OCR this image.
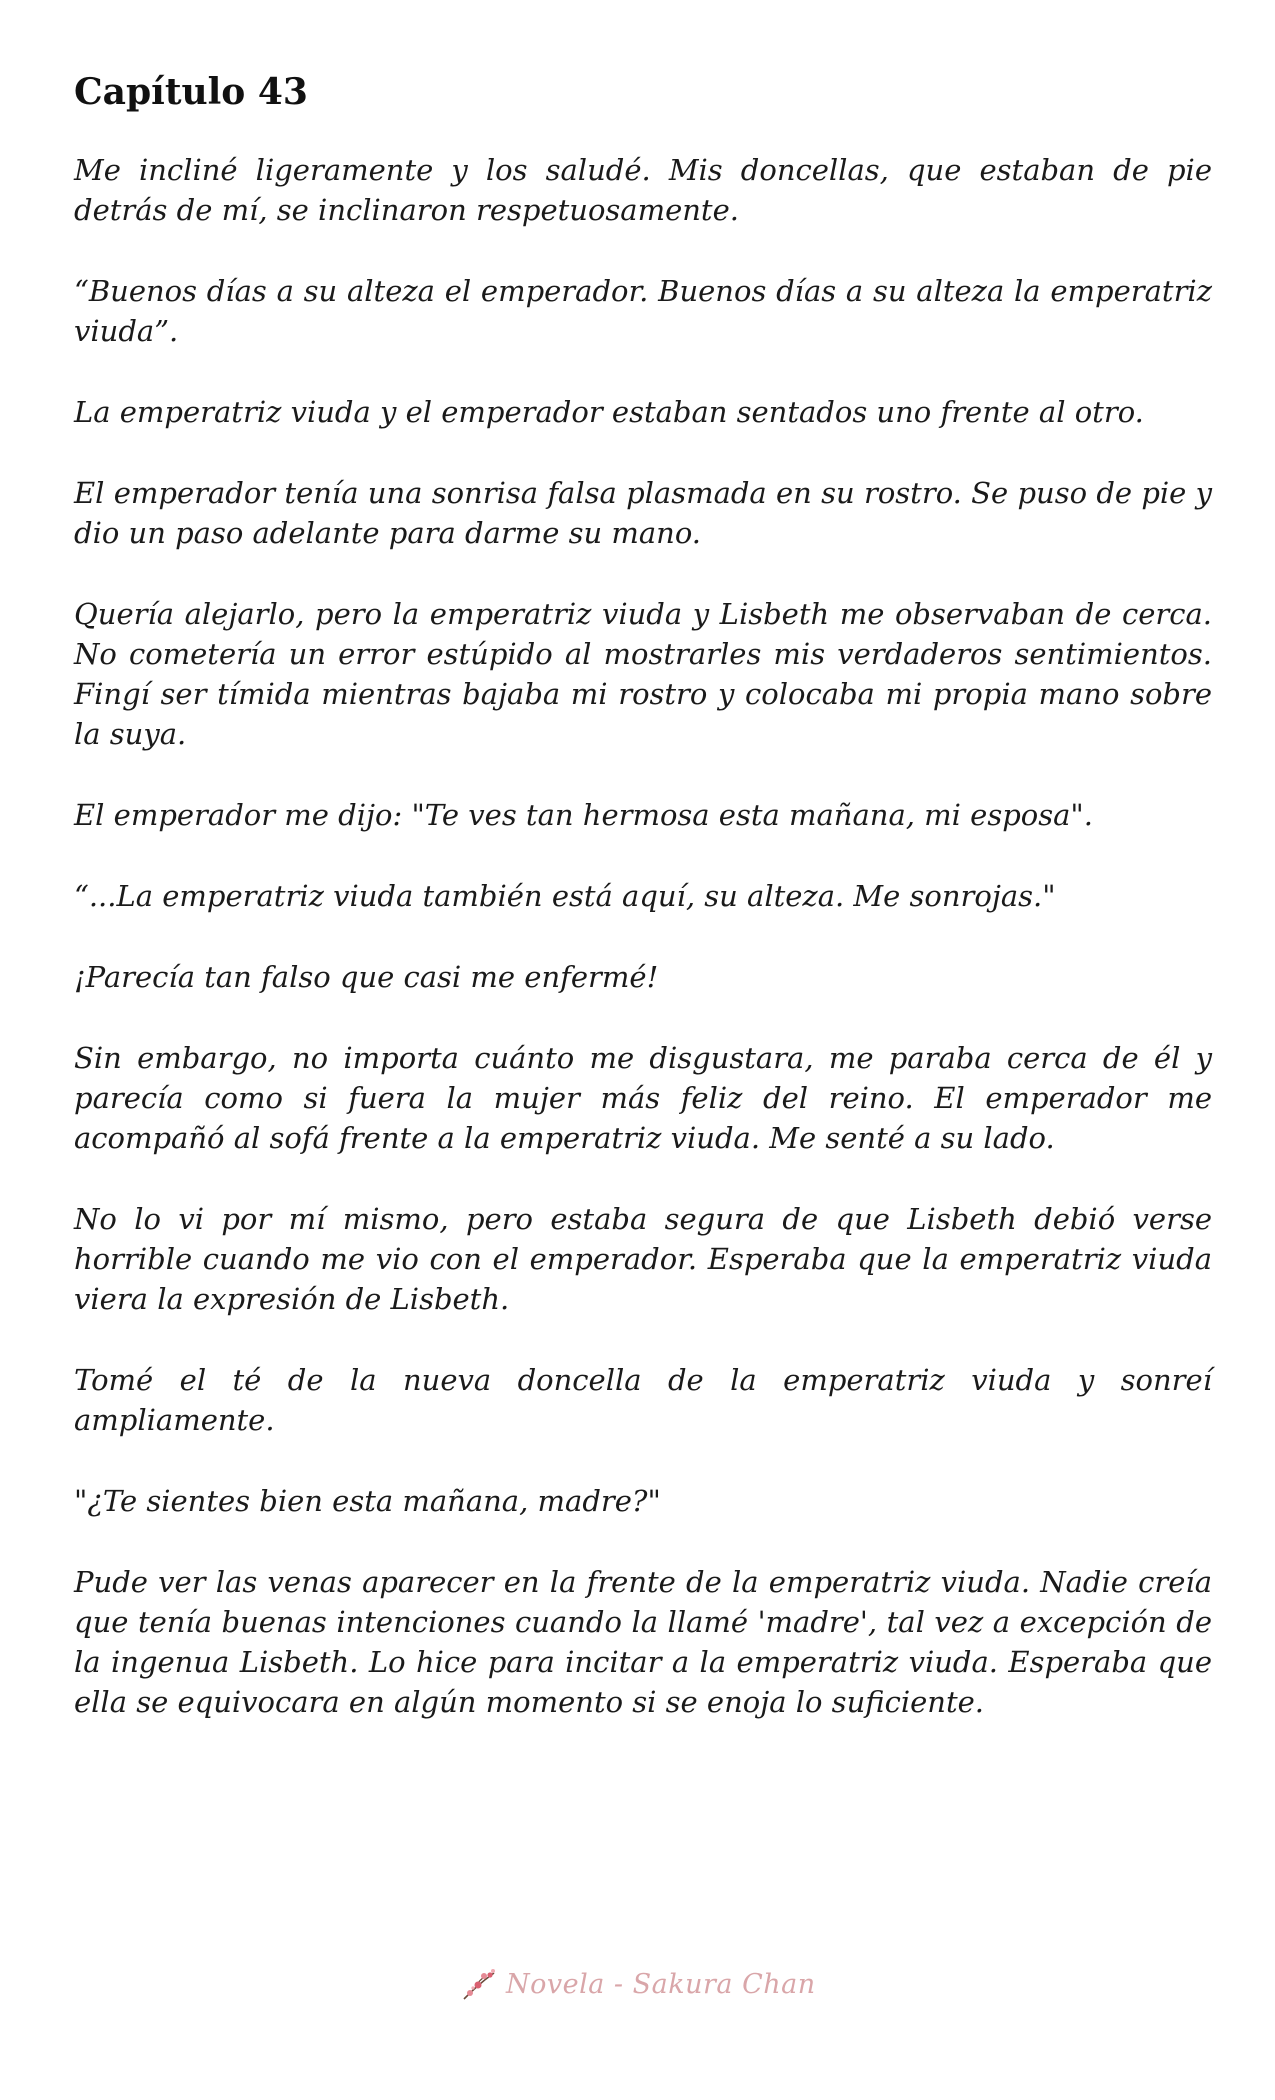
Capítulo 43

Me incliné ligeramente y los saludé. Mis doncellas, que estaban de pie detrás de mí, se inclinaron respetuosamente.

“Buenos días a su alteza el emperador. Buenos días a su alteza la emperatriz viuda”.

La emperatriz viuda y el emperador estaban sentados uno frente al otro.

El emperador tenía una sonrisa falsa plasmada en su rostro. Se puso de pie y dio un paso adelante para darme su mano.

Quería alejarlo, pero la emperatriz viuda y Lisbeth me observaban de cerca. No cometería un error estúpido al mostrarles mis verdaderos sentimientos. Fingí ser tímida mientras bajaba mi rostro y colocaba mi propia mano sobre la suya.

El emperador me dijo: "Te ves tan hermosa esta mañana, mi esposa".

“...La emperatriz viuda también está aquí, su alteza. Me sonrojas."

¡Parecía tan falso que casi me enfermé!

Sin embargo, no importa cuánto me disgustara, me paraba cerca de él y parecía como si fuera la mujer más feliz del reino. El emperador me acompañó al sofá frente a la emperatriz viuda. Me senté a su lado.

No lo vi por mí mismo, pero estaba segura de que Lisbeth debió verse horrible cuando me vio con el emperador. Esperaba que la emperatriz viuda viera la expresión de Lisbeth.

Tomé el té de la nueva doncella de la emperatriz viuda y sonreí ampliamente.

"¿Te sientes bien esta mañana, madre?"

Pude ver las venas aparecer en la frente de la emperatriz viuda. Nadie creía que tenía buenas intenciones cuando la llamé 'madre', tal vez a excepción de la ingenua Lisbeth. Lo hice para incitar a la emperatriz viuda. Esperaba que ella se equivocara en algún momento si se enoja lo suficiente.

Novela - Sakura Chan
